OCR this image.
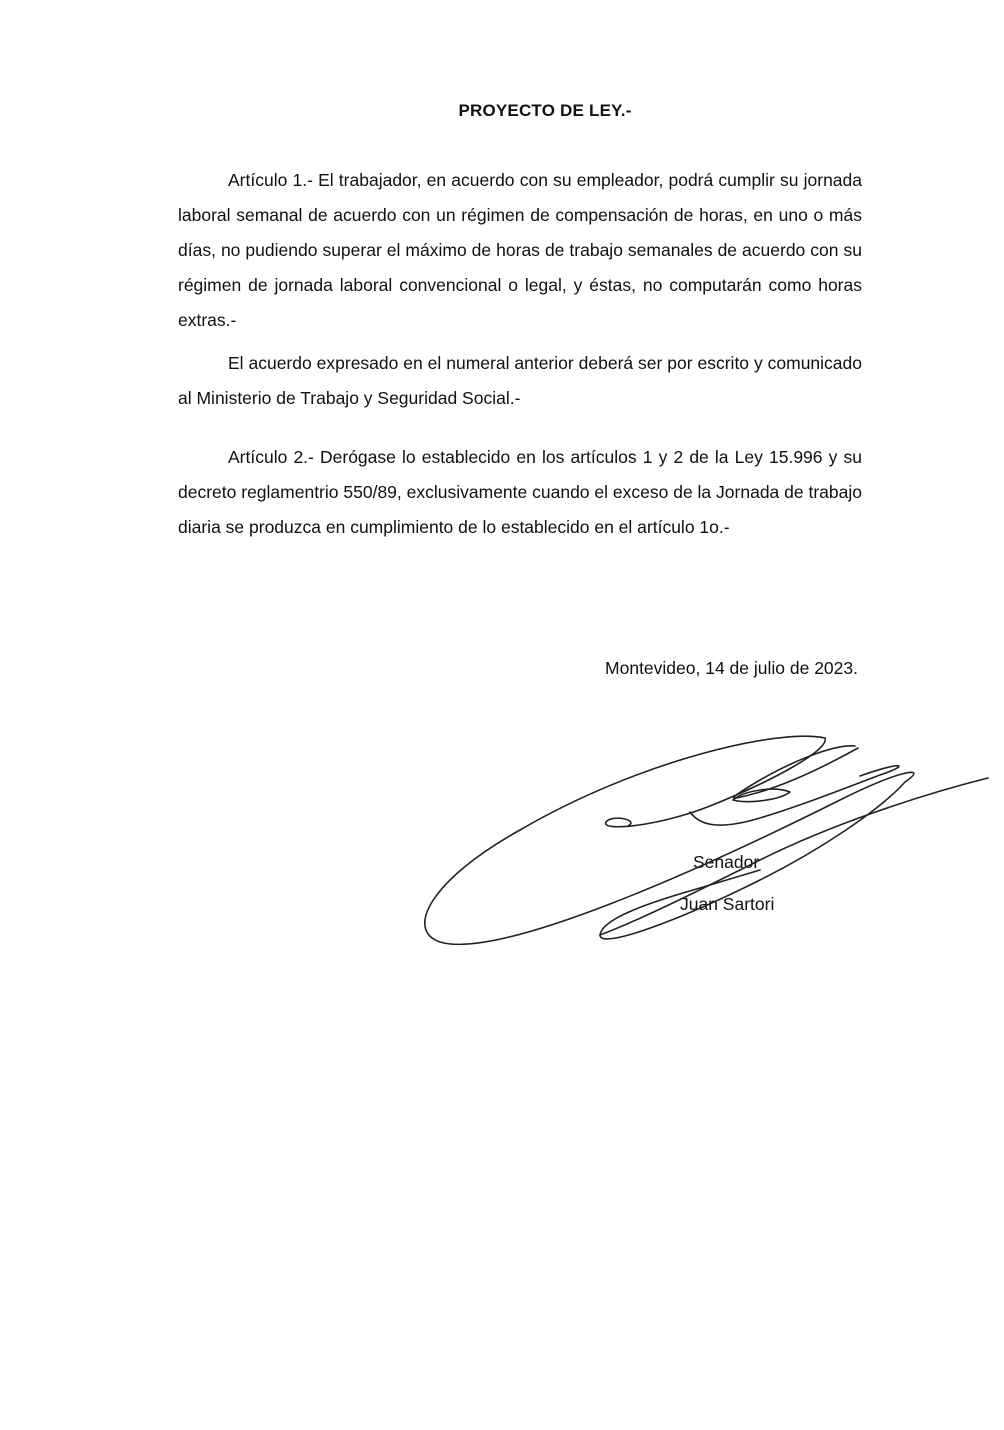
PROYECTO DE LEY.-

Artículo 1.- El trabajador, en acuerdo con su empleador, podrá cumplir su jornada laboral semanal de acuerdo con un régimen de compensación de horas, en uno o más días, no pudiendo superar el máximo de horas de trabajo semanales de acuerdo con su régimen de jornada laboral convencional o legal, y éstas, no computarán como horas extras.-

El acuerdo expresado en el numeral anterior deberá ser por escrito y comunicado al Ministerio de Trabajo y Seguridad Social.-

Artículo 2.- Derógase lo establecido en los artículos 1 y 2 de la Ley 15.996 y su decreto reglamentrio 550/89, exclusivamente cuando el exceso de la Jornada de trabajo diaria se produzca en cumplimiento de lo establecido en el artículo 1o.-

Montevideo, 14 de julio de 2023.
Senador
Juan Sartori
